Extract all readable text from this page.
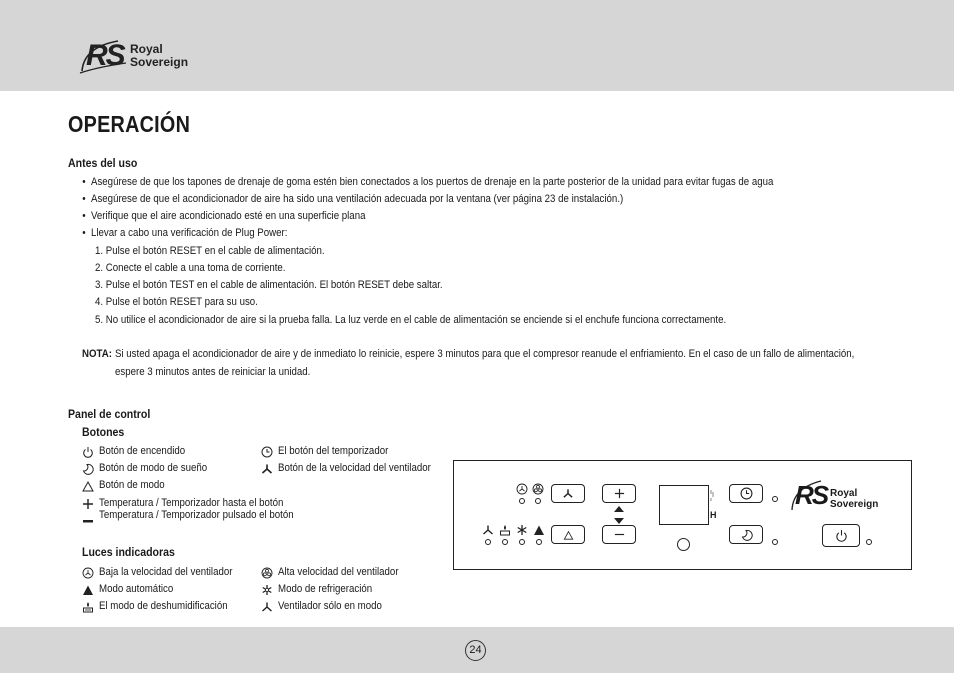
RS Royal
Sovereign
OPERACIÓN
Antes del uso
• Asegúrese de que los tapones de drenaje de goma estén bien conectados a los puertos de drenaje en la parte posterior de la unidad para evitar fugas de agua
• Asegúrese de que el acondicionador de aire ha sido una ventilación adecuada por la ventana (ver página 23 de instalación.)
• Verifique que el aire acondicionado esté en una superficie plana
• Llevar a cabo una verificación de Plug Power:
1. Pulse el botón RESET en el cable de alimentación.
2. Conecte el cable a una toma de corriente.
3. Pulse el botón TEST en el cable de alimentación. El botón RESET debe saltar.
4. Pulse el botón RESET para su uso.
5. No utilice el acondicionador de aire si la prueba falla. La luz verde en el cable de alimentación se enciende si el enchufe funciona correctamente.
NOTA: Si usted apaga el acondicionador de aire y de inmediato lo reinicie, espere 3 minutos para que el compresor reanude el enfriamiento. En el caso de un fallo de alimentación,
espere 3 minutos antes de reiniciar la unidad.
Panel de control
Botones
Botón de encendido	El botón del temporizador
Botón de modo de sueño	Botón de la velocidad del ventilador
Botón de modo
Temperatura / Temporizador hasta el botón
Temperatura / Temporizador pulsado el botón
Luces indicadoras
Baja la velocidad del ventilador	Alta velocidad del ventilador
Modo automático	Modo de refrigeración
El modo de deshumidificación	Ventilador sólo en modo
H
RS Royal
Sovereign
24
